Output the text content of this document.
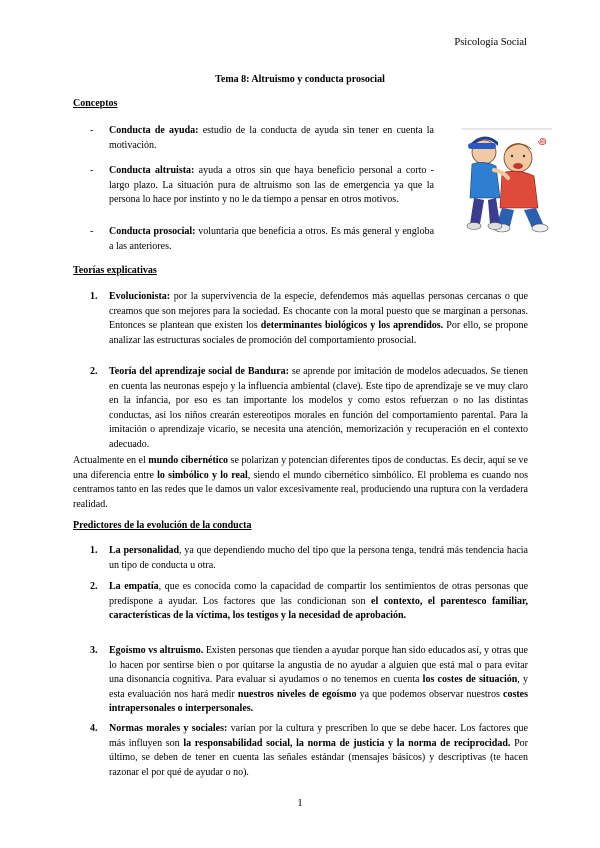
Psicología Social
Tema 8: Altruismo y conducta prosocial
Conceptos
- Conducta de ayuda: estudio de la conducta de ayuda sin tener en cuenta la motivación.
- Conducta altruista: ayuda a otros sin que haya beneficio personal a corto - largo plazo. La situación pura de altruismo son las de emergencia ya que la persona lo hace por instinto y no le da tiempo a pensar en otros motivos.
- Conducta prosocial: voluntaria que beneficia a otros. Es más general y engloba a las anteriores.
꩜
Teorías explicativas
1. Evolucionista: por la supervivencia de la especie, defendemos más aquellas personas cercanas o que creamos que son mejores para la sociedad. Es chocante con la moral puesto que se marginan a personas. Entonces se plantean que existen los determinantes biológicos y los aprendidos. Por ello, se propone analizar las estructuras sociales de promoción del comportamiento prosocial.
2. Teoría del aprendizaje social de Bandura: se aprende por imitación de modelos adecuados. Se tienen en cuenta las neuronas espejo y la influencia ambiental (clave). Este tipo de aprendizaje se ve muy claro en la infancia, por eso es tan importante los modelos y como estos refuerzan o no las distintas conductas, así los niños crearán estereotipos morales en función del comportamiento parental. Para la imitación o aprendizaje vicario, se necesita una atención, memorización y recuperación en el contexto adecuado.
Actualmente en el mundo cibernético se polarizan y potencian diferentes tipos de conductas. Es decir, aquí se ve una diferencia entre lo simbólico y lo real, siendo el mundo cibernético simbólico. El problema es cuando nos centramos tanto en las redes que le damos un valor excesivamente real, produciendo una ruptura con la verdadera realidad.
Predictores de la evolución de la conducta
1. La personalidad, ya que dependiendo mucho del tipo que la persona tenga, tendrá más tendencia hacia un tipo de conducta u otra.
2. La empatía, que es conocida como la capacidad de compartir los sentimientos de otras personas que predispone a ayudar. Los factores que las condicionan son el contexto, el parentesco familiar, características de la víctima, los testigos y la necesidad de aprobación.
3. Egoísmo vs altruismo. Existen personas que tienden a ayudar porque han sido educados así, y otras que lo hacen por sentirse bien o por quitarse la angustia de no ayudar a alguien que está mal o para evitar una disonancia cognitiva. Para evaluar si ayudamos o no tenemos en cuenta los costes de situación, y esta evaluación nos hará medir nuestros niveles de egoísmo ya que podemos observar nuestros costes intrapersonales o interpersonales.
4. Normas morales y sociales: varían por la cultura y prescriben lo que se debe hacer. Los factores que más influyen son la responsabilidad social, la norma de justicia y la norma de reciprocidad. Por último, se deben de tener en cuenta las señales estándar (mensajes básicos) y descriptivas (te hacen razonar el por qué de ayudar o no).
1
